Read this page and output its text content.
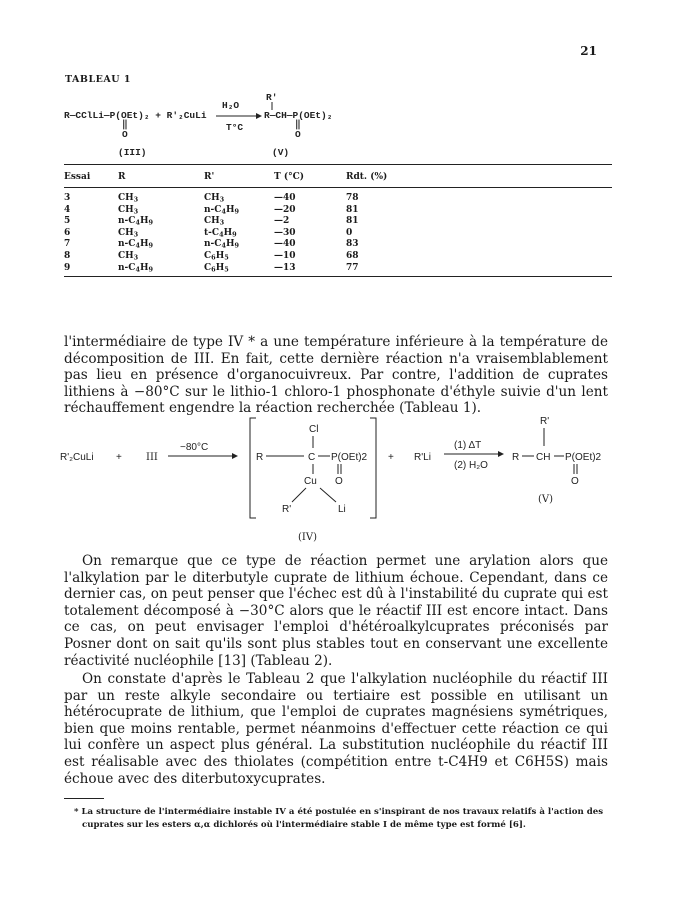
21
TABLEAU 1
R—CClLi—P(OEt)₂ + R'₂CuLi
‖
O
H₂O
T°C
R'
R—CH—P(OEt)₂
‖
O
(III)	(V)
Essai	R	R'	T (°C)	Rdt. (%)
3	$CH_3$	$CH_3$	—40	78
4	$CH_3$	$n-C_4H_9$	—20	81
5	$n-C_4H_9$	$CH_3$	—2	81
6	$CH_3$	$t-C_4H_9$	—30	0
7	$n-C_4H_9$	$n-C_4H_9$	—40	83
8	$CH_3$	$C_6H_5$	—10	68
9	$n-C_4H_9$	$C_6H_5$	—13	77

l'intermédiaire de type IV * a une température inférieure à la température de décomposition de III. En fait, cette dernière réaction n'a vraisemblablement pas lieu en présence d'organocuivreux. Par contre, l'addition de cuprates lithiens à −80°C sur le lithio-1 chloro-1 phosphonate d'éthyle suivie d'un lent réchauffement engendre la réaction recherchée (Tableau 1).

R'₂CuLi + III
−80°C
Cl
R	C P(OEt)2
Cu O
R'	Li
(IV)
+ R'Li
(1) ΔT
(2) H₂O
R'
R CH P(OEt)2
O
(V)

On remarque que ce type de réaction permet une arylation alors que l'alkylation par le diterbutyle cuprate de lithium échoue. Cependant, dans ce dernier cas, on peut penser que l'échec est dû à l'instabilité du cuprate qui est totalement décomposé à −30°C alors que le réactif III est encore intact. Dans ce cas, on peut envisager l'emploi d'hétéroalkylcuprates préconisés par Posner dont on sait qu'ils sont plus stables tout en conservant une excellente réactivité nucléophile [13] (Tableau 2).

On constate d'après le Tableau 2 que l'alkylation nucléophile du réactif III par un reste alkyle secondaire ou tertiaire est possible en utilisant un hétérocuprate de lithium, que l'emploi de cuprates magnésiens symétriques, bien que moins rentable, permet néanmoins d'effectuer cette réaction ce qui lui confère un aspect plus général. La substitution nucléophile du réactif III est réalisable avec des thiolates (compétition entre t-C4H9 et C6H5S) mais échoue avec des diterbutoxycuprates.

* La structure de l'intermédiaire instable IV a été postulée en s'inspirant de nos travaux relatifs à l'action des cuprates sur les esters α,α dichlorés où l'intermédiaire stable I de même type est formé [6].
